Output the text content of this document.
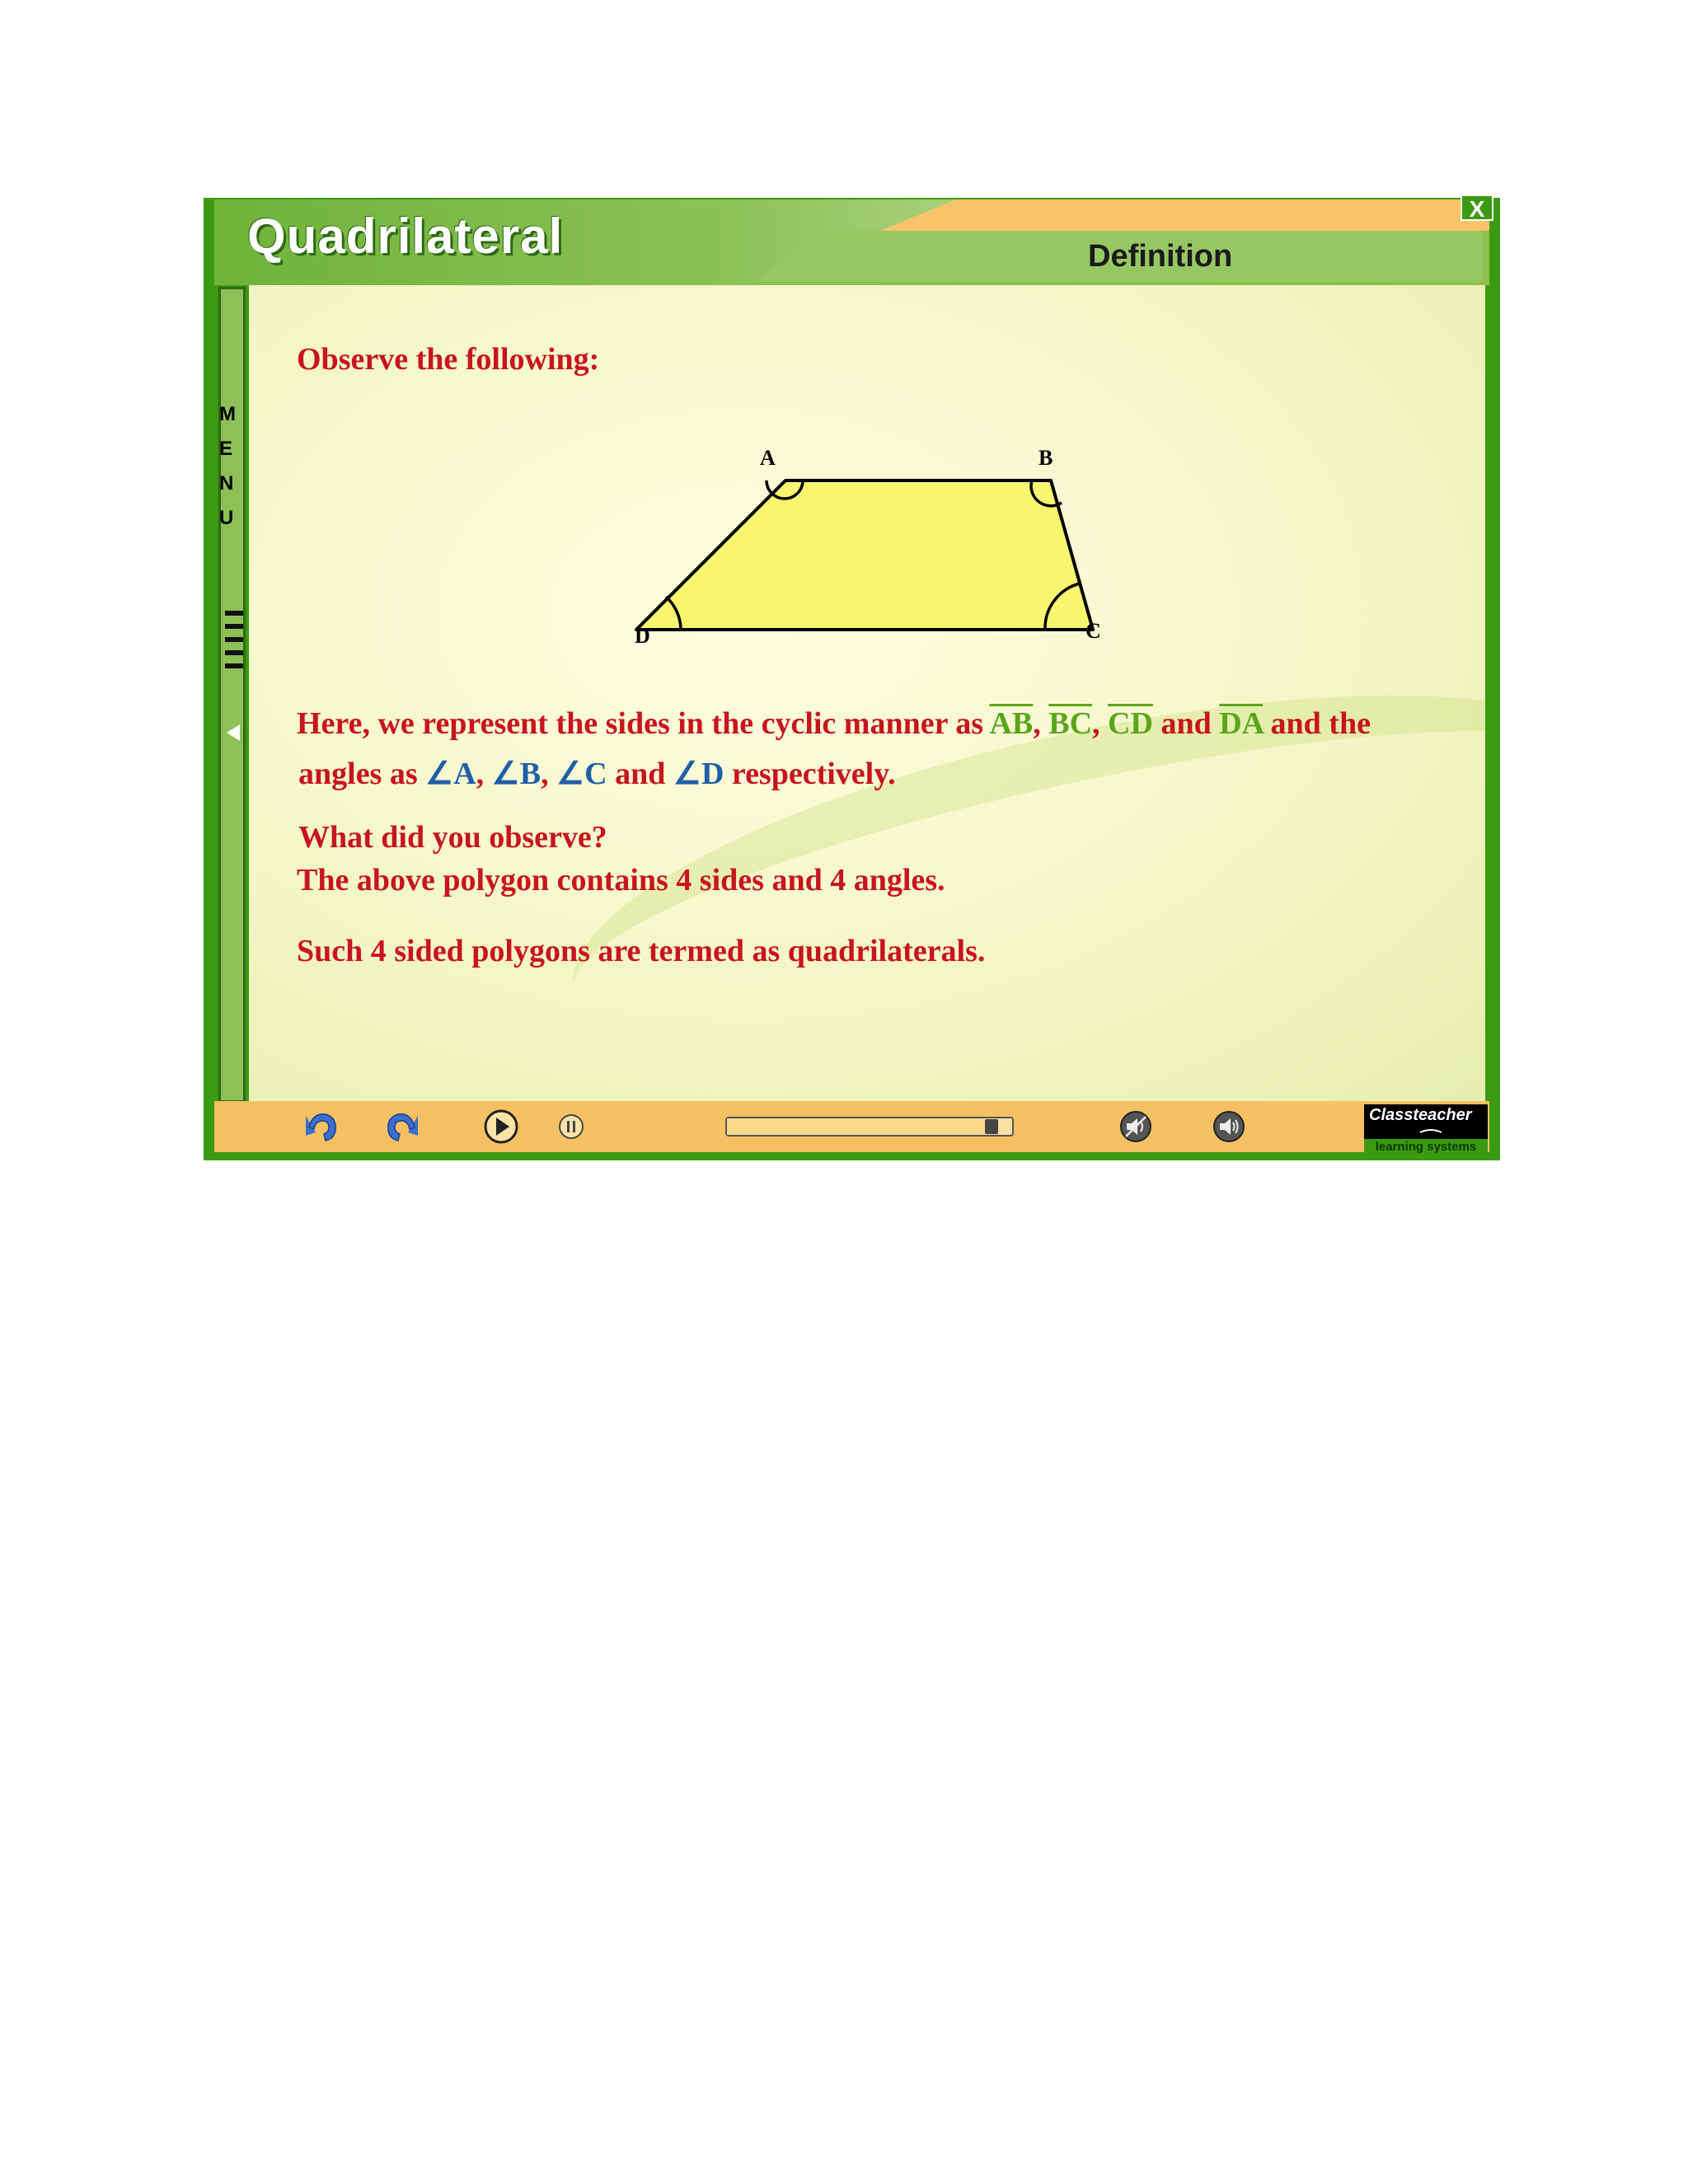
Quadrilateral	Definition
X
M
E
N
U
Observe the following:
Here, we represent the sides in the cyclic manner as $\overline{AB}$, $\overline{BC}$, $\overline{CD}$ and $\overline{DA}$ and the
angles as ∠A, ∠B, ∠C and ∠D respectively.
What did you observe?
The above polygon contains 4 sides and 4 angles.
Such 4 sided polygons are termed as quadrilaterals.
Classteacher
learning systems
A	B
C
D
